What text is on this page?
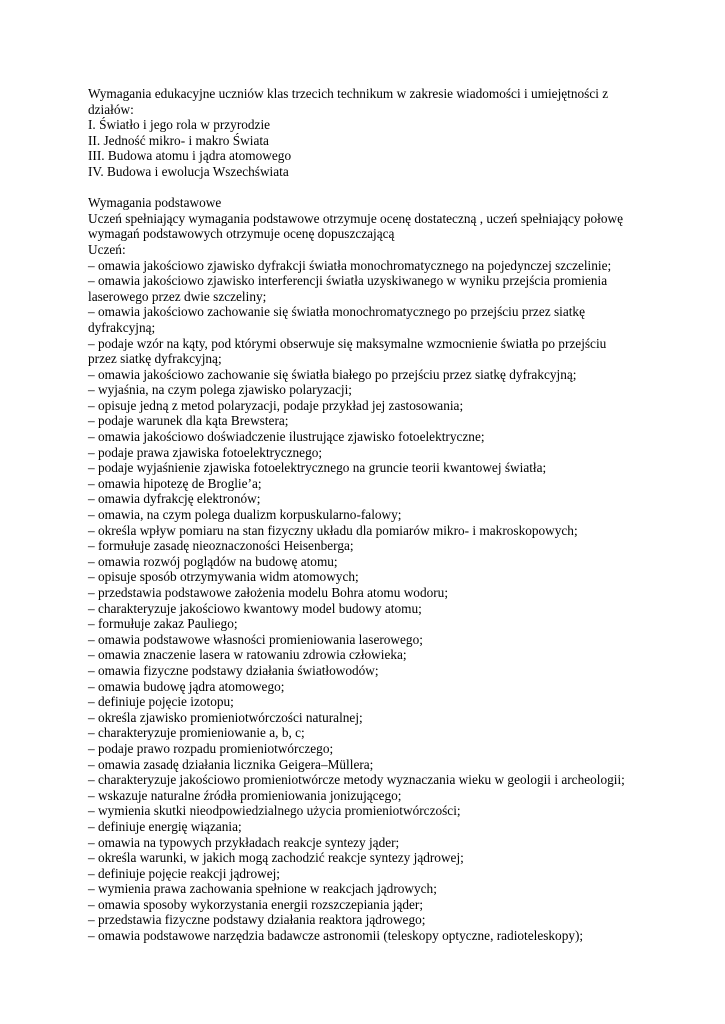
Wymagania edukacyjne uczniów klas trzecich technikum w zakresie wiadomości i umiejętności z
działów:
I. Światło i jego rola w przyrodzie
II. Jedność mikro- i makro Świata
III. Budowa atomu i jądra atomowego
IV. Budowa i ewolucja Wszechświata
Wymagania podstawowe
Uczeń spełniający wymagania podstawowe otrzymuje ocenę dostateczną , uczeń spełniający połowę
wymagań podstawowych otrzymuje ocenę dopuszczającą
Uczeń:
– omawia jakościowo zjawisko dyfrakcji światła monochromatycznego na pojedynczej szczelinie;
– omawia jakościowo zjawisko interferencji światła uzyskiwanego w wyniku przejścia promienia
laserowego przez dwie szczeliny;
– omawia jakościowo zachowanie się światła monochromatycznego po przejściu przez siatkę
dyfrakcyjną;
– podaje wzór na kąty, pod którymi obserwuje się maksymalne wzmocnienie światła po przejściu
przez siatkę dyfrakcyjną;
– omawia jakościowo zachowanie się światła białego po przejściu przez siatkę dyfrakcyjną;
– wyjaśnia, na czym polega zjawisko polaryzacji;
– opisuje jedną z metod polaryzacji, podaje przykład jej zastosowania;
– podaje warunek dla kąta Brewstera;
– omawia jakościowo doświadczenie ilustrujące zjawisko fotoelektryczne;
– podaje prawa zjawiska fotoelektrycznego;
– podaje wyjaśnienie zjawiska fotoelektrycznego na gruncie teorii kwantowej światła;
– omawia hipotezę de Broglie’a;
– omawia dyfrakcję elektronów;
– omawia, na czym polega dualizm korpuskularno-falowy;
– określa wpływ pomiaru na stan fizyczny układu dla pomiarów mikro- i makroskopowych;
– formułuje zasadę nieoznaczoności Heisenberga;
– omawia rozwój poglądów na budowę atomu;
– opisuje sposób otrzymywania widm atomowych;
– przedstawia podstawowe założenia modelu Bohra atomu wodoru;
– charakteryzuje jakościowo kwantowy model budowy atomu;
– formułuje zakaz Pauliego;
– omawia podstawowe własności promieniowania laserowego;
– omawia znaczenie lasera w ratowaniu zdrowia człowieka;
– omawia fizyczne podstawy działania światłowodów;
– omawia budowę jądra atomowego;
– definiuje pojęcie izotopu;
– określa zjawisko promieniotwórczości naturalnej;
– charakteryzuje promieniowanie a, b, c;
– podaje prawo rozpadu promieniotwórczego;
– omawia zasadę działania licznika Geigera–Müllera;
– charakteryzuje jakościowo promieniotwórcze metody wyznaczania wieku w geologii i archeologii;
– wskazuje naturalne źródła promieniowania jonizującego;
– wymienia skutki nieodpowiedzialnego użycia promieniotwórczości;
– definiuje energię wiązania;
– omawia na typowych przykładach reakcje syntezy jąder;
– określa warunki, w jakich mogą zachodzić reakcje syntezy jądrowej;
– definiuje pojęcie reakcji jądrowej;
– wymienia prawa zachowania spełnione w reakcjach jądrowych;
– omawia sposoby wykorzystania energii rozszczepiania jąder;
– przedstawia fizyczne podstawy działania reaktora jądrowego;
– omawia podstawowe narzędzia badawcze astronomii (teleskopy optyczne, radioteleskopy);
